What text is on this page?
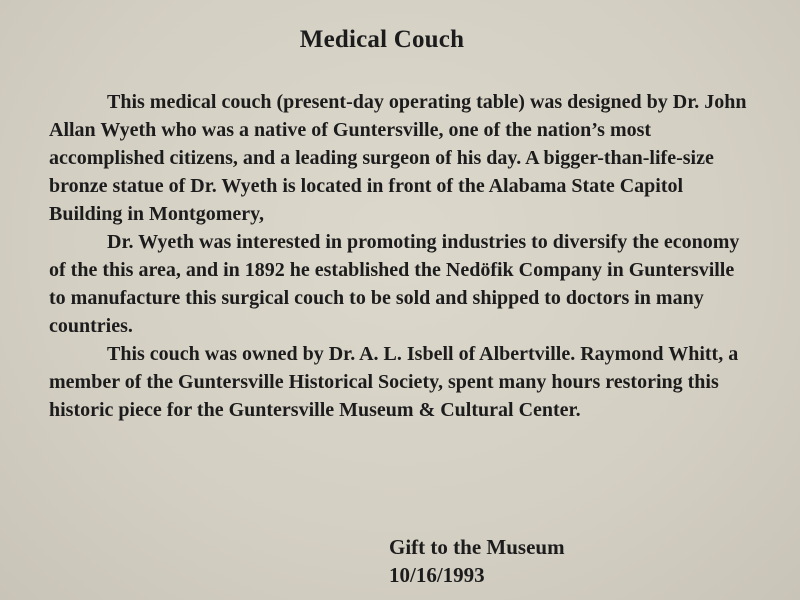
Medical Couch

This medical couch (present-day operating table) was designed by Dr. John Allan Wyeth who was a native of Guntersville, one of the nation’s most accomplished citizens, and a leading surgeon of his day. A bigger-than-life-size bronze statue of Dr. Wyeth is located in front of the Alabama State Capitol Building in Montgomery,

Dr. Wyeth was interested in promoting industries to diversify the economy of the this area, and in 1892 he established the Nedöfik Company in Guntersville to manufacture this surgical couch to be sold and shipped to doctors in many countries.

This couch was owned by Dr. A. L. Isbell of Albertville. Raymond Whitt, a member of the Guntersville Historical Society, spent many hours restoring this historic piece for the Guntersville Museum & Cultural Center.

Gift to the Museum
10/16/1993
